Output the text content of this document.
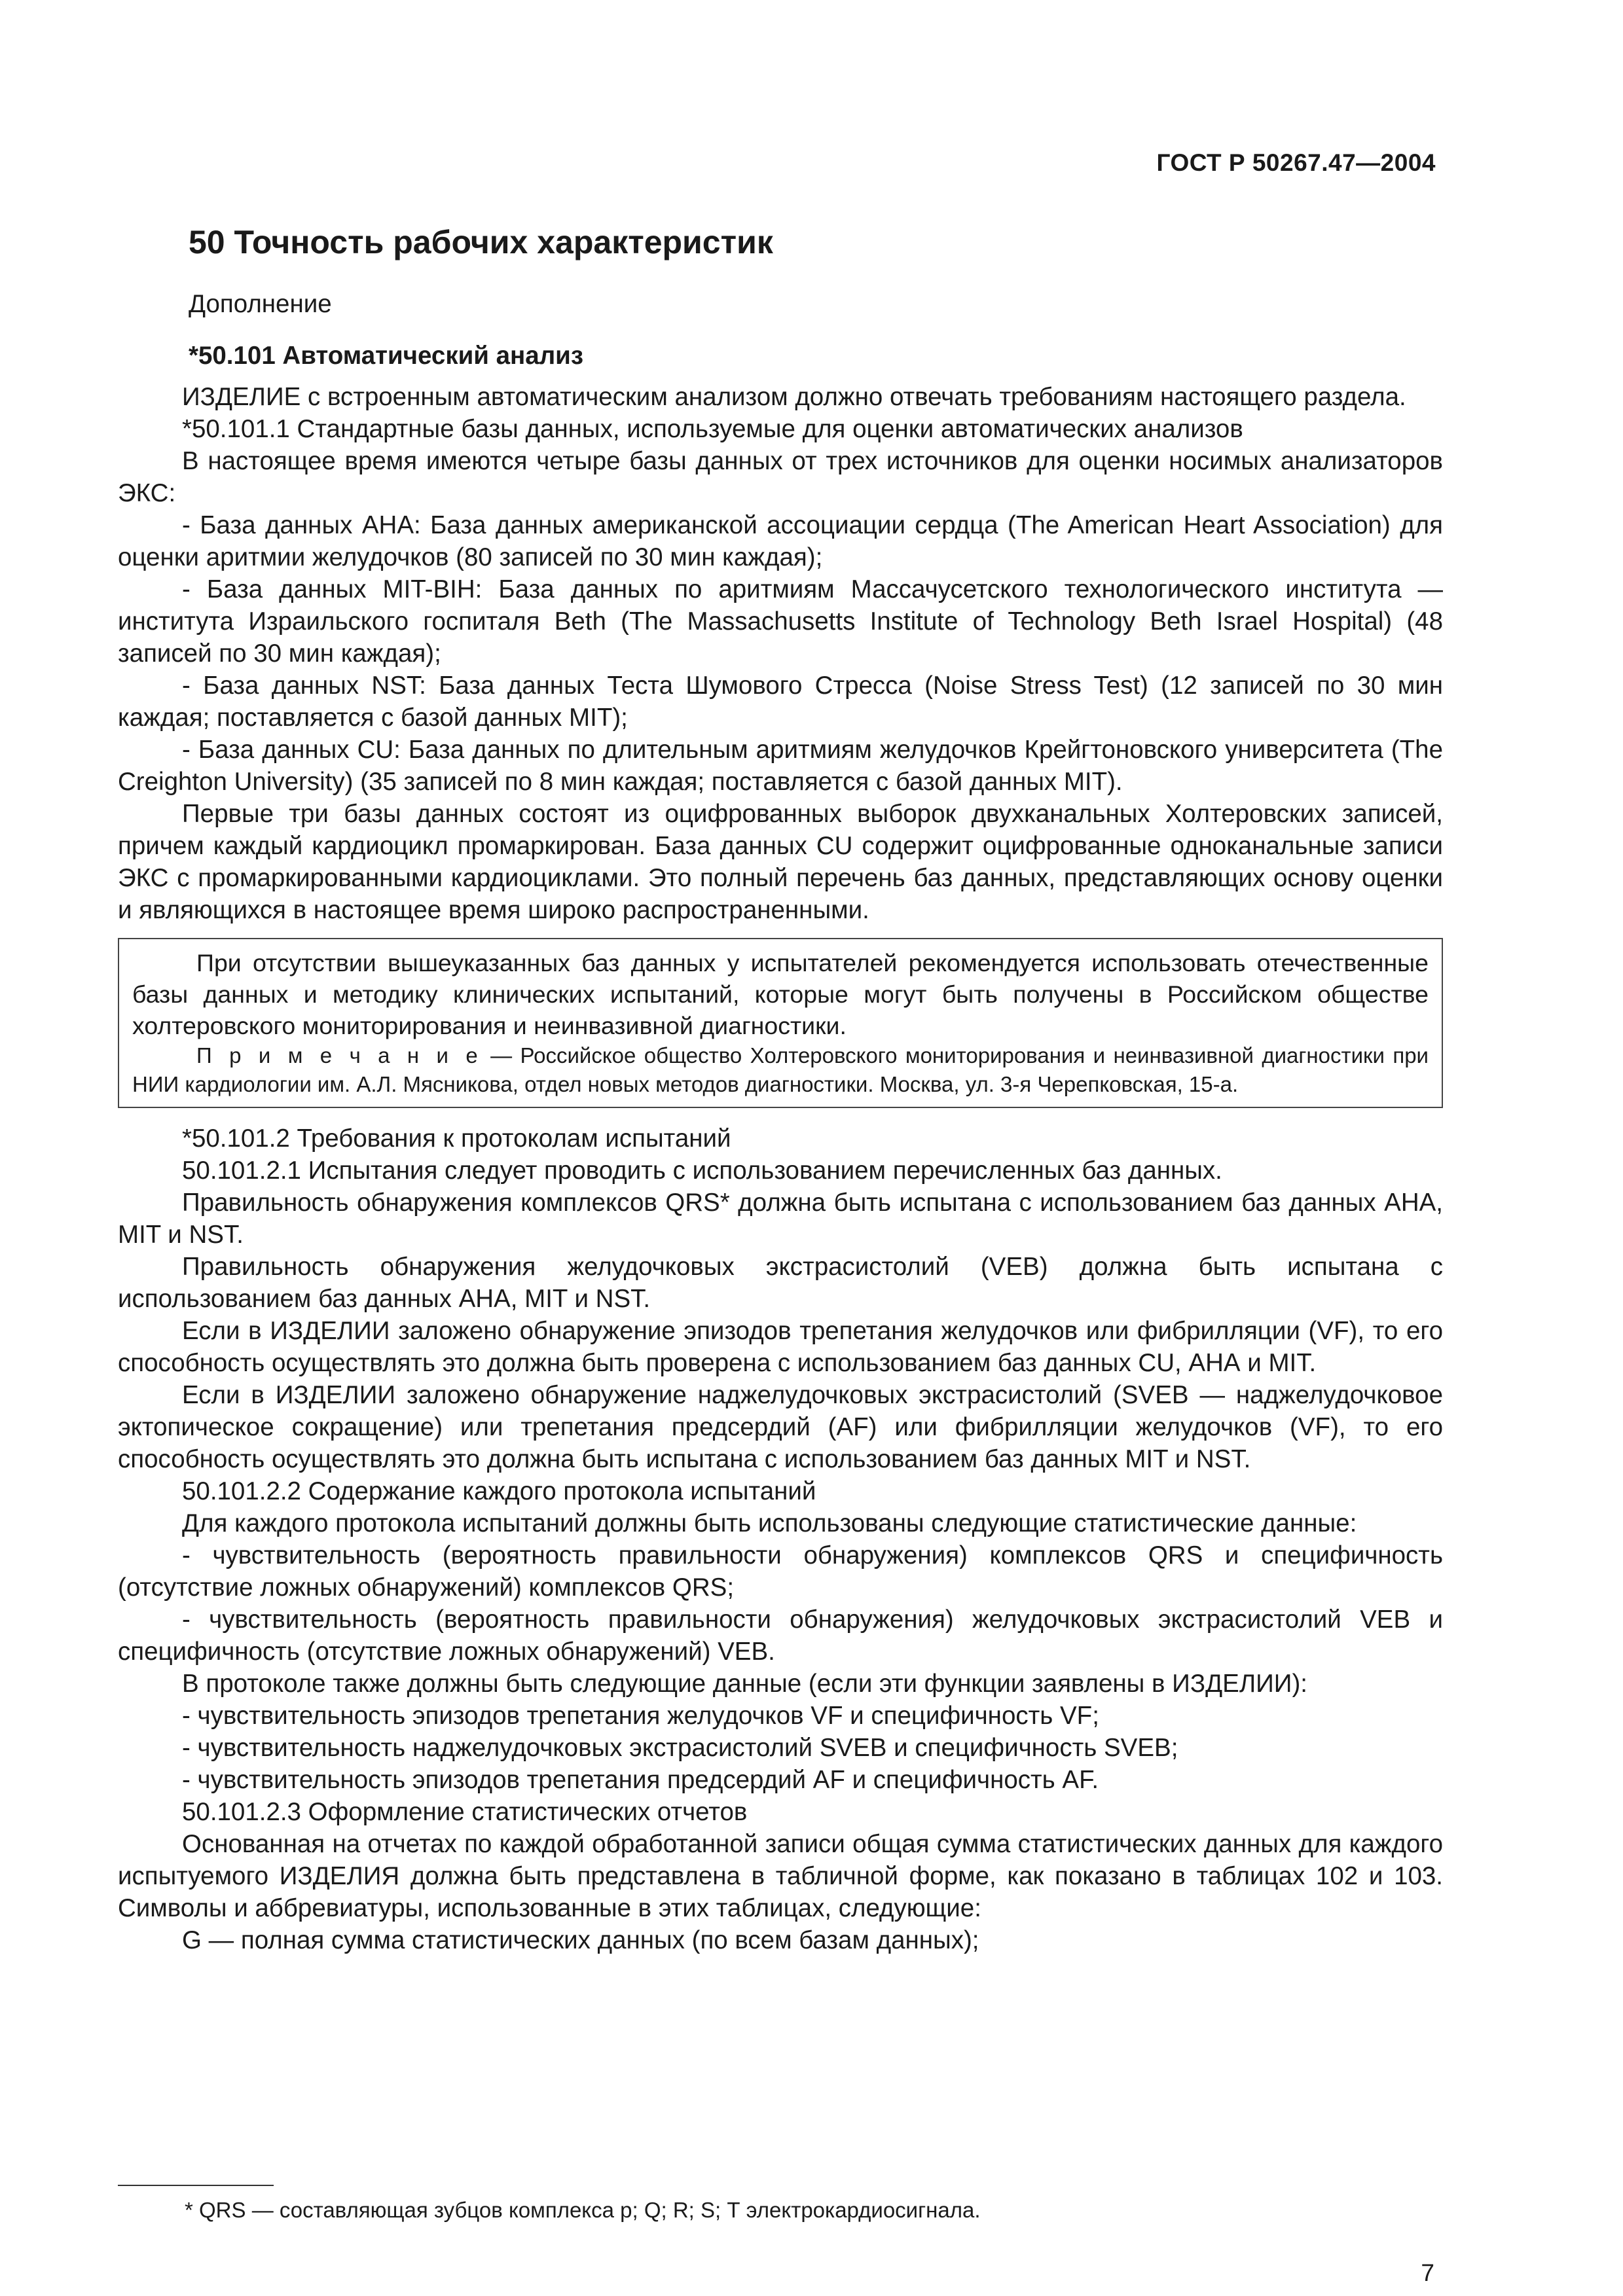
ГОСТ Р 50267.47—2004

50 Точность рабочих характеристик

Дополнение

*50.101 Автоматический анализ

ИЗДЕЛИЕ с встроенным автоматическим анализом должно отвечать требованиям настоящего раздела.

*50.101.1 Стандартные базы данных, используемые для оценки автоматических анализов

В настоящее время имеются четыре базы данных от трех источников для оценки носимых анализаторов ЭКС:

- База данных АНА: База данных американской ассоциации сердца (The American Heart Association) для оценки аритмии желудочков (80 записей по 30 мин каждая);

- База данных MIT-BIH: База данных по аритмиям Массачусетского технологического института — института Израильского госпиталя Beth (The Massachusetts Institute of Technology Beth Israel Hospital) (48 записей по 30 мин каждая);

- База данных NST: База данных Теста Шумового Стресса (Noise Stress Test) (12 записей по 30 мин каждая; поставляется с базой данных MIT);

- База данных CU: База данных по длительным аритмиям желудочков Крейгтоновского университета (The Creighton University) (35 записей по 8 мин каждая; поставляется с базой данных MIT).

Первые три базы данных состоят из оцифрованных выборок двухканальных Холтеровских записей, причем каждый кардиоцикл промаркирован. База данных CU содержит оцифрованные одноканальные записи ЭКС с промаркированными кардиоциклами. Это полный перечень баз данных, представляющих основу оценки и являющихся в настоящее время широко распространенными.

При отсутствии вышеуказанных баз данных у испытателей рекомендуется использовать отечественные базы данных и методику клинических испытаний, которые могут быть получены в Российском обществе холтеровского мониторирования и неинвазивной диагностики.

П р и м е ч а н и е — Российское общество Холтеровского мониторирования и неинвазивной диагностики при НИИ кардиологии им. А.Л. Мясникова, отдел новых методов диагностики. Москва, ул. 3-я Черепковская, 15-а.

*50.101.2 Требования к протоколам испытаний

50.101.2.1 Испытания следует проводить с использованием перечисленных баз данных.

Правильность обнаружения комплексов QRS* должна быть испытана с использованием баз данных АНА, MIT и NST.

Правильность обнаружения желудочковых экстрасистолий (VEB) должна быть испытана с использованием баз данных АНА, MIT и NST.

Если в ИЗДЕЛИИ заложено обнаружение эпизодов трепетания желудочков или фибрилляции (VF), то его способность осуществлять это должна быть проверена с использованием баз данных CU, АНА и MIT.

Если в ИЗДЕЛИИ заложено обнаружение наджелудочковых экстрасистолий (SVEB — наджелудочковое эктопическое сокращение) или трепетания предсердий (AF) или фибрилляции желудочков (VF), то его способность осуществлять это должна быть испытана с использованием баз данных MIT и NST.

50.101.2.2 Содержание каждого протокола испытаний

Для каждого протокола испытаний должны быть использованы следующие статистические данные:

- чувствительность (вероятность правильности обнаружения) комплексов QRS и специфичность (отсутствие ложных обнаружений) комплексов QRS;

- чувствительность (вероятность правильности обнаружения) желудочковых экстрасистолий VEB и специфичность (отсутствие ложных обнаружений) VEB.

В протоколе также должны быть следующие данные (если эти функции заявлены в ИЗДЕЛИИ):

- чувствительность эпизодов трепетания желудочков VF и специфичность VF;

- чувствительность наджелудочковых экстрасистолий SVEB и специфичность SVEB;

- чувствительность эпизодов трепетания предсердий AF и специфичность AF.

50.101.2.3 Оформление статистических отчетов

Основанная на отчетах по каждой обработанной записи общая сумма статистических данных для каждого испытуемого ИЗДЕЛИЯ должна быть представлена в табличной форме, как показано в таблицах 102 и 103. Символы и аббревиатуры, использованные в этих таблицах, следующие:

G — полная сумма статистических данных (по всем базам данных);

* QRS — составляющая зубцов комплекса р; Q; R; S; Т электрокардиосигнала.
7
